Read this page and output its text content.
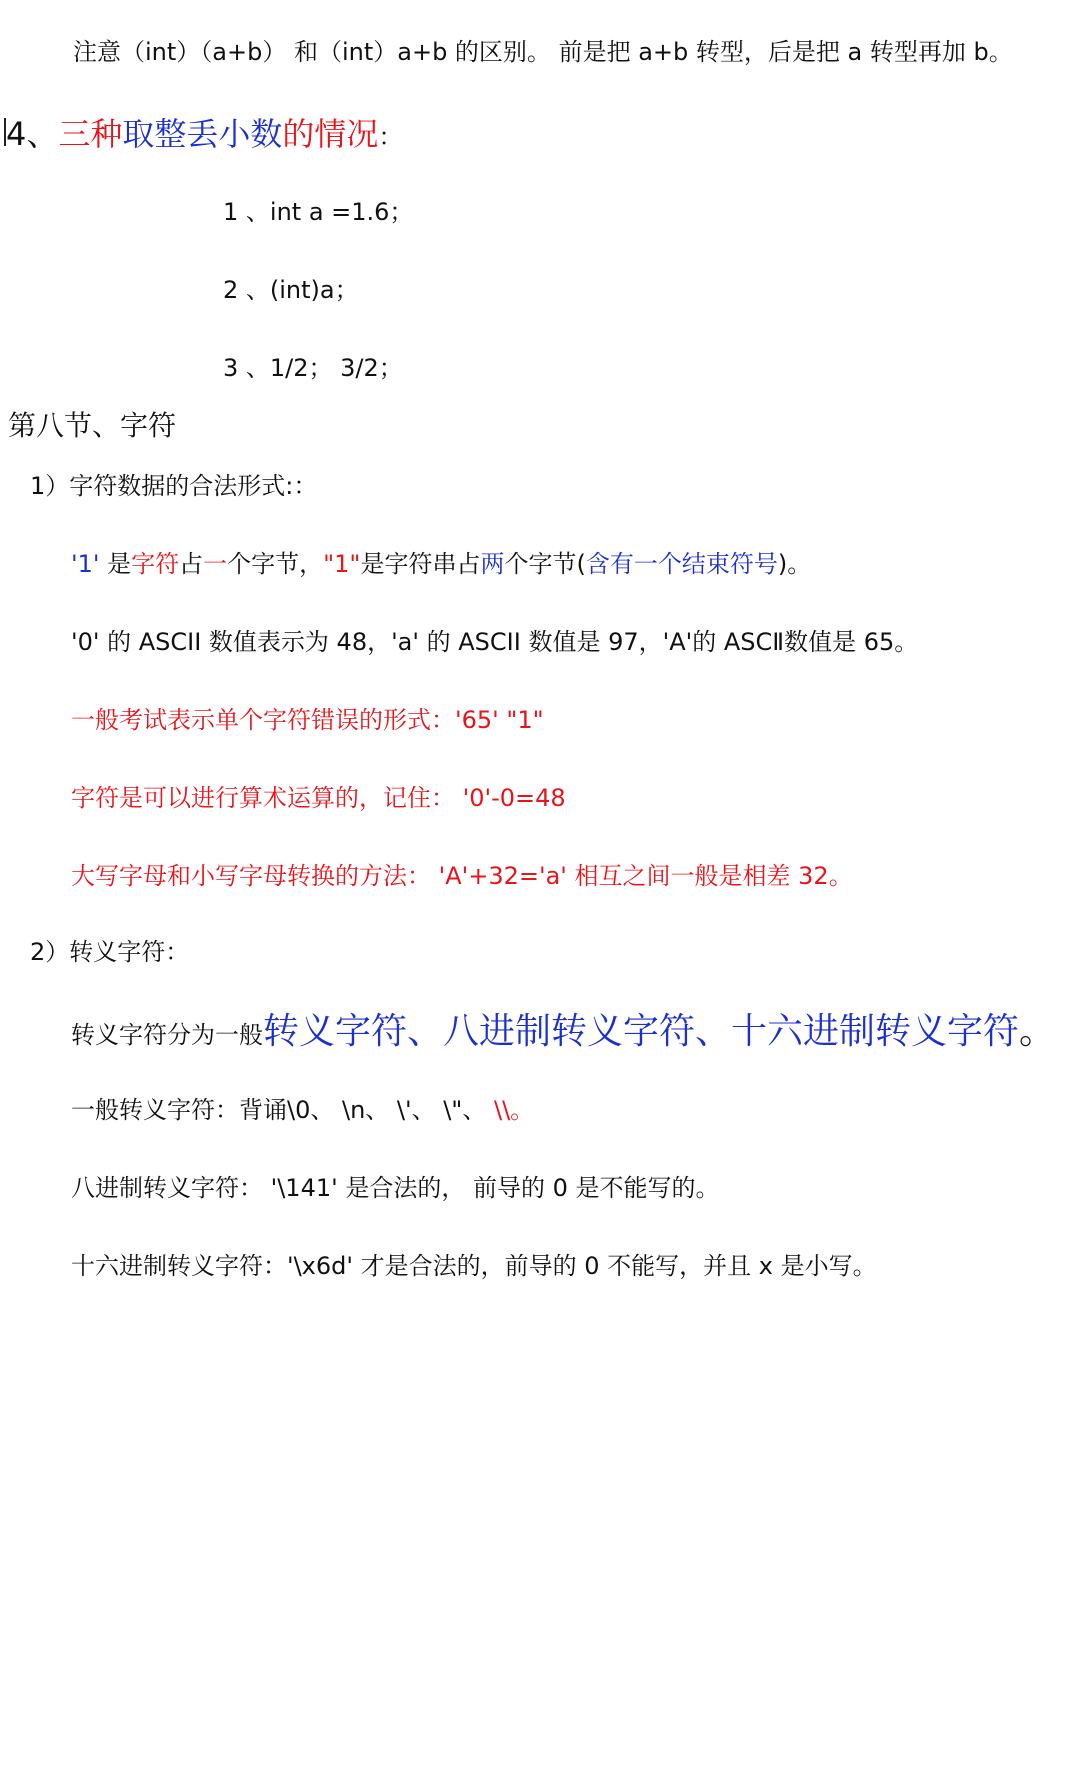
注意（int）（a+b） 和（int）a+b 的区别。 前是把 a+b 转型，后是把 a 转型再加 b。
4、三种取整丢小数的情况：
1 、int a =1.6；
2 、(int)a；
3 、1/2； 3/2；
第八节、字符
1）字符数据的合法形式:：
'1' 是字符占一个字节，"1"是字符串占两个字节(含有一个结束符号)。
'0' 的 ASCII 数值表示为 48，'a' 的 ASCII 数值是 97，'A'的 ASCⅡ数值是 65。
一般考试表示单个字符错误的形式：'65' "1"
字符是可以进行算术运算的，记住： '0'-0=48
大写字母和小写字母转换的方法： 'A'+32='a' 相互之间一般是相差 32。
2）转义字符：
转义字符分为一般转义字符、八进制转义字符、十六进制转义字符。
一般转义字符：背诵\0、 \n、 \'、 \"、 \\。
八进制转义字符： '\141' 是合法的， 前导的 0 是不能写的。
十六进制转义字符：'\x6d' 才是合法的，前导的 0 不能写，并且 x 是小写。
